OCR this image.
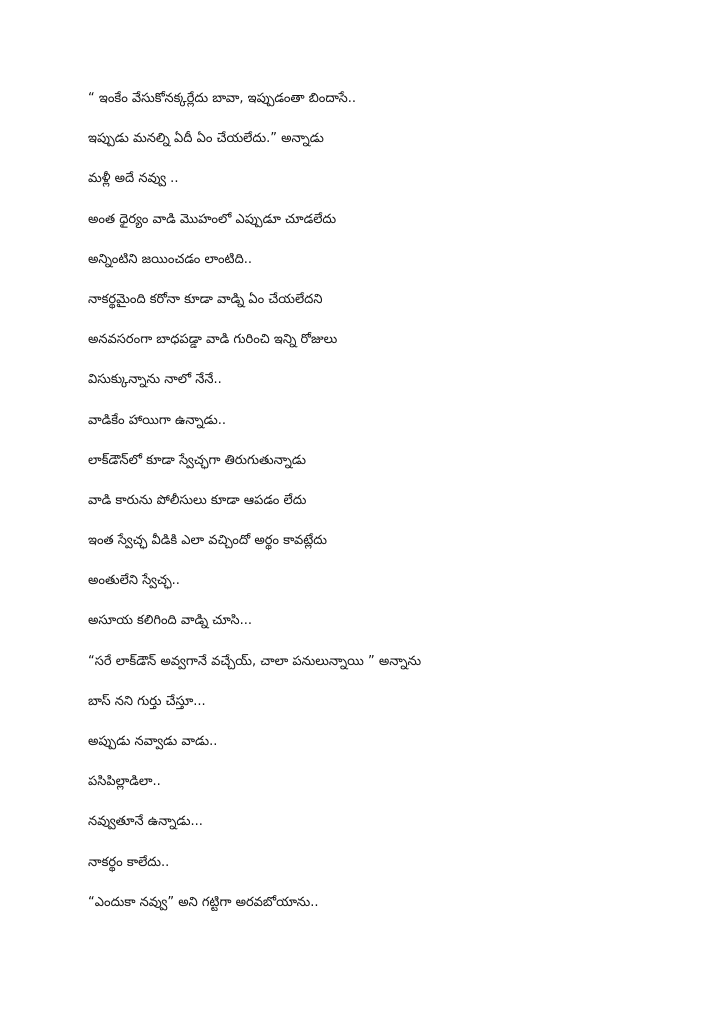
“ ఇంకేం వేసుకోనక్కర్లేదు బావా, ఇప్పుడంతా బిందాసే..
ఇప్పుడు మనల్ని ఏదీ ఏం చేయలేదు.” అన్నాడు
మళ్లీ అదే నవ్వు ..
అంత ధైర్యం వాడి మొహంలో ఎప్పుడూ చూడలేదు
అన్నింటిని జయించడం లాంటిది..
నాకర్థమైంది కరోనా కూడా వాడ్ని ఏం చేయలేదని
అనవసరంగా బాధపడ్డా వాడి గురించి ఇన్ని రోజులు
విసుక్కున్నాను నాలో నేనే..
వాడికేం హాయిగా ఉన్నాడు..
లాక్‌డౌన్‌లో కూడా స్వేచ్ఛగా తిరుగుతున్నాడు
వాడి కారును పోలీసులు కూడా ఆపడం లేదు
ఇంత స్వేచ్ఛ వీడికి ఎలా వచ్చిందో అర్థం కావట్లేదు
అంతులేని స్వేచ్ఛ..
అసూయ కలిగింది వాడ్ని చూసి...
“సరే లాక్‌డౌన్ అవ్వగానే వచ్చేయ్, చాలా పనులున్నాయి ” అన్నాను
బాస్ నని గుర్తు చేస్తూ...
అప్పుడు నవ్వాడు వాడు..
పసిపిల్లాడిలా..
నవ్వుతూనే ఉన్నాడు...
నాకర్థం కాలేదు..
“ఎందుకా నవ్వు” అని గట్టిగా అరవబోయాను..
